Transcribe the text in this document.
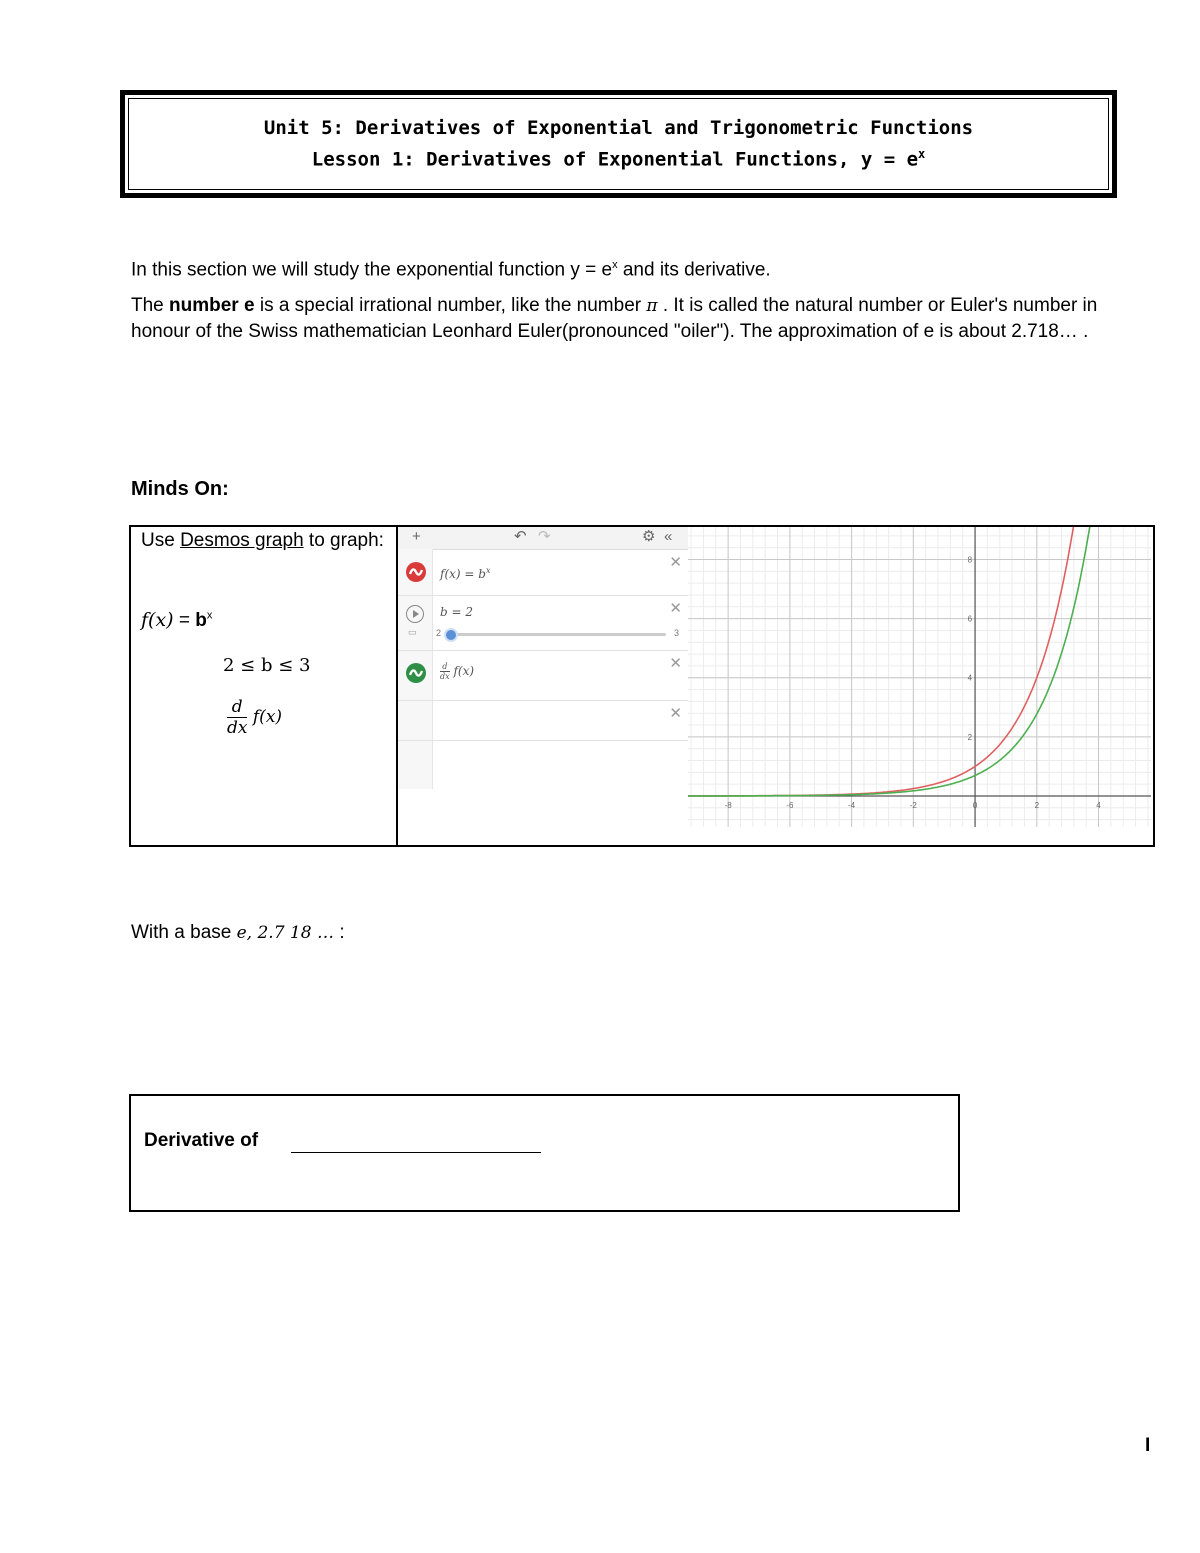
Unit 5: Derivatives of Exponential and Trigonometric Functions
Lesson 1: Derivatives of Exponential Functions, $y = e^x$
In this section we will study the exponential function $y = e^x$ and its derivative.
The number e is a special irrational number, like the number π . It is called the natural number or Euler's number in honour of the Swiss mathematician Leonhard Euler(pronounced "oiler"). The approximation of e is about 2.718… .
Minds On:
Use Desmos graph to graph:
$f(x) = b^x$
2 ≤ b ≤ 3
$\frac{d}{dx} f(x)$
+	↶ ↷	⚙ «
$f(x) = b^x$	✕
b = 2
▭ 2	3
✕
$\frac{d}{dx} f(x)$	✕
✕
-8	-6	-4	-2	0	2	4
8
6
4
2
With a base e, 2.7 18 … :
Derivative of
I
